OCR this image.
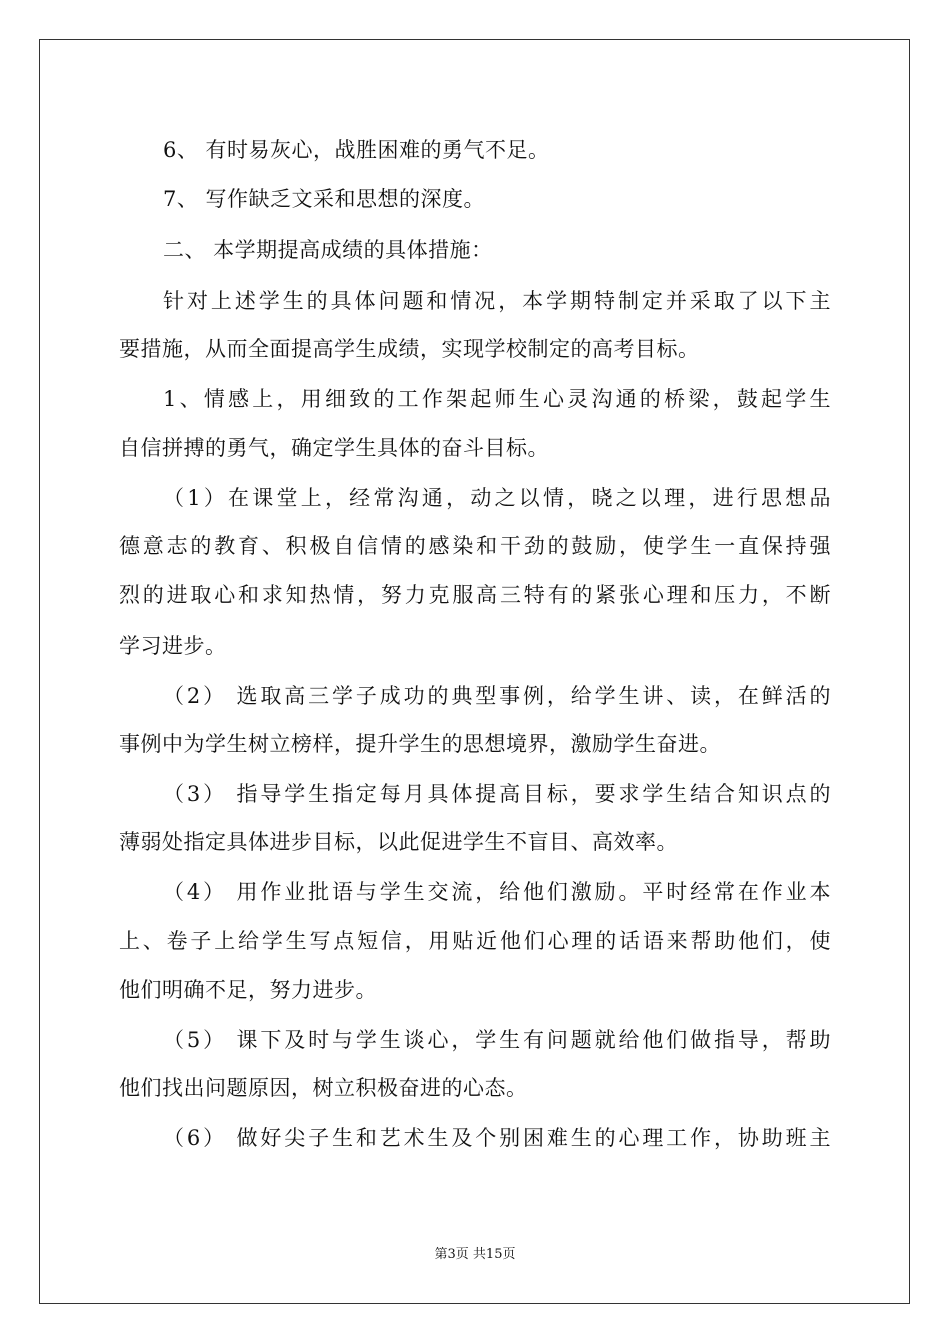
6、 有时易灰心，战胜困难的勇气不足。
7、 写作缺乏文采和思想的深度。
二、 本学期提高成绩的具体措施：
针对上述学生的具体问题和情况，本学期特制定并采取了以下主
要措施，从而全面提高学生成绩，实现学校制定的高考目标。
1、情感上，用细致的工作架起师生心灵沟通的桥梁，鼓起学生
自信拼搏的勇气，确定学生具体的奋斗目标。
（1）在课堂上，经常沟通，动之以情，晓之以理，进行思想品
德意志的教育、积极自信情的感染和干劲的鼓励，使学生一直保持强
烈的进取心和求知热情，努力克服高三特有的紧张心理和压力，不断
学习进步。
（2） 选取高三学子成功的典型事例，给学生讲、读，在鲜活的
事例中为学生树立榜样，提升学生的思想境界，激励学生奋进。
（3） 指导学生指定每月具体提高目标，要求学生结合知识点的
薄弱处指定具体进步目标，以此促进学生不盲目、高效率。
（4） 用作业批语与学生交流，给他们激励。平时经常在作业本
上、卷子上给学生写点短信，用贴近他们心理的话语来帮助他们，使
他们明确不足，努力进步。
（5） 课下及时与学生谈心，学生有问题就给他们做指导，帮助
他们找出问题原因，树立积极奋进的心态。
（6） 做好尖子生和艺术生及个别困难生的心理工作，协助班主
第3页 共15页
